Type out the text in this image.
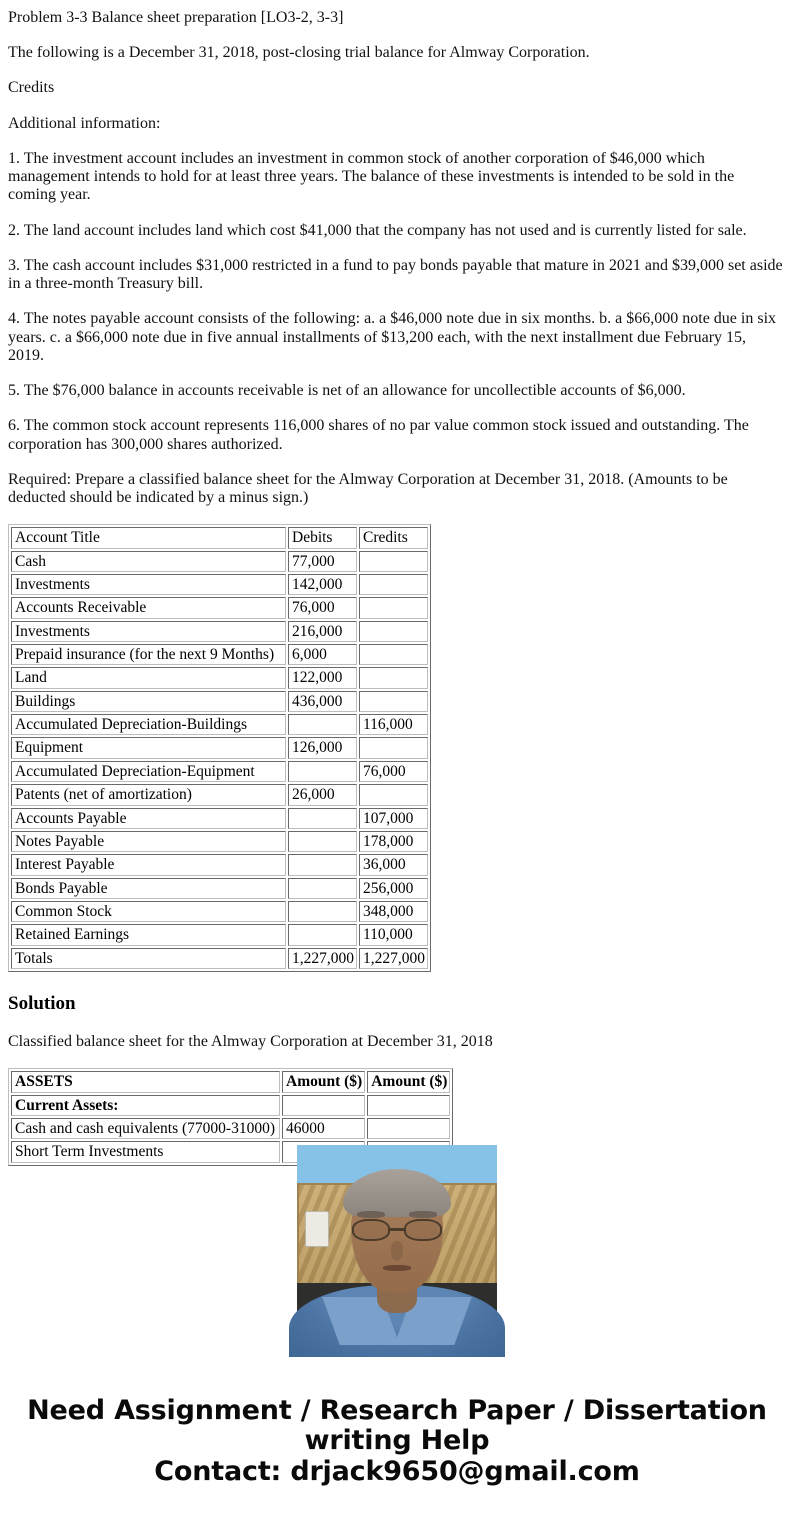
Problem 3-3 Balance sheet preparation [LO3-2, 3-3]

The following is a December 31, 2018, post-closing trial balance for Almway Corporation.

Credits

Additional information:

1. The investment account includes an investment in common stock of another corporation of $46,000 which management intends to hold for at least three years. The balance of these investments is intended to be sold in the coming year.

2. The land account includes land which cost $41,000 that the company has not used and is currently listed for sale.

3. The cash account includes $31,000 restricted in a fund to pay bonds payable that mature in 2021 and $39,000 set aside in a three-month Treasury bill.

4. The notes payable account consists of the following: a. a $46,000 note due in six months. b. a $66,000 note due in six years. c. a $66,000 note due in five annual installments of $13,200 each, with the next installment due February 15, 2019.

5. The $76,000 balance in accounts receivable is net of an allowance for uncollectible accounts of $6,000.

6. The common stock account represents 116,000 shares of no par value common stock issued and outstanding. The corporation has 300,000 shares authorized.

Required: Prepare a classified balance sheet for the Almway Corporation at December 31, 2018. (Amounts to be deducted should be indicated by a minus sign.)

Account Title	Debits	Credits
Cash	77,000	
Investments	142,000	
Accounts Receivable	76,000	
Investments	216,000	
Prepaid insurance (for the next 9 Months)	6,000	
Land	122,000	
Buildings	436,000	
Accumulated Depreciation-Buildings		116,000
Equipment	126,000	
Accumulated Depreciation-Equipment		76,000
Patents (net of amortization)	26,000	
Accounts Payable		107,000
Notes Payable		178,000
Interest Payable		36,000
Bonds Payable		256,000
Common Stock		348,000
Retained Earnings		110,000
Totals	1,227,000	1,227,000
Solution

Classified balance sheet for the Almway Corporation at December 31, 2018

ASSETS	Amount ($)	Amount ($)
Current Assets:		
Cash and cash equivalents (77000-31000)	46000	
Short Term Investments		
Need Assignment / Research Paper / Dissertation
writing Help
Contact: drjack9650@gmail.com
